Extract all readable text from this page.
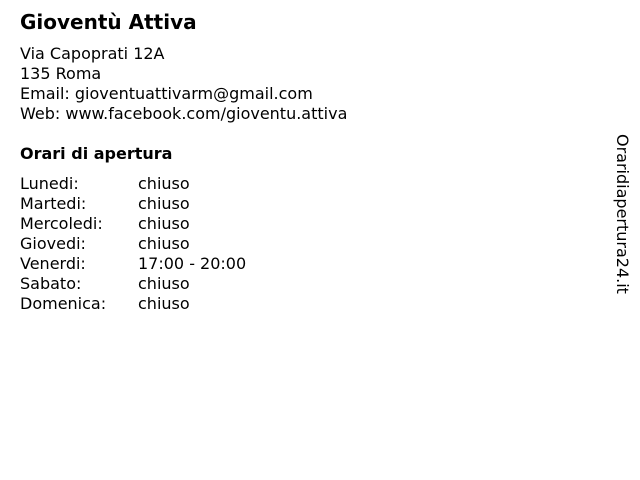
Gioventù Attiva
Via Capoprati 12A
135 Roma
Email: gioventuattivarm@gmail.com
Web: www.facebook.com/gioventu.attiva
Orari di apertura
Lunedi:	chiuso
Martedi:	chiuso
Mercoledi: chiuso
Giovedi:	chiuso
Venerdi:	17:00 - 20:00
Sabato:	chiuso
Domenica: chiuso
Oraridiapertura24.it
